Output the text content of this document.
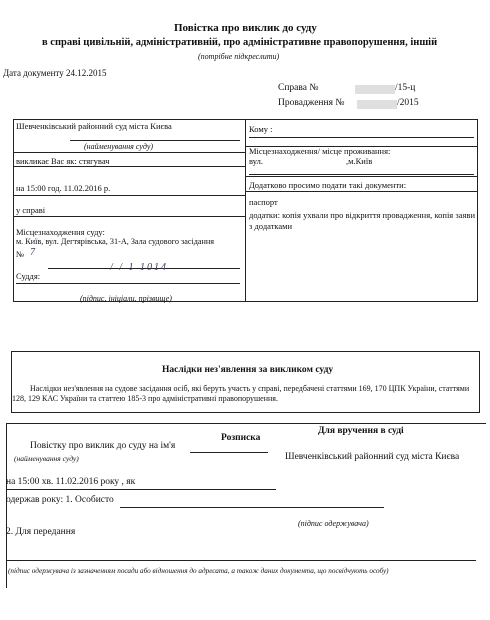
Повістка про виклик до суду
в справі цивільній, адміністративній, про адміністративне правопорушення, іншій
(потрібне підкреслити)
Дата документу 24.12.2015
Справа №	/15-ц
Провадження №	/2015
Шевченківський районний суд міста Києва
(найменування суду)
викликає Вас як: стягувач
на 15:00 год. 11.02.2016 р.
у справі
Місцезнаходження суду:
м. Київ, вул. Дегтярівська, 31-А, Зала судового засідання
№ 7
Суддя:
/ / 1 1014
(підпис, ініціали, прізвище)
Кому :
Місцезнаходження/ місце проживання:
вул.	,м.Київ
Додатково просимо подати такі документи:
паспорт
додатки: копія ухвали про відкриття провадження, копія заяви з додатками
Наслідки нез'явлення за викликом суду
Наслідки нез'явлення на судове засідання осіб, які беруть участь у справі, передбачені статтями 169, 170 ЦПК України, статтями 128, 129 КАС України та статтею 185-3 про адміністративні правопорушення.
Для вручення в суді
Розписка
Повістку про виклик до суду на ім'я
(найменування суду)	Шевченківський районний суд міста Києва
на 15:00 хв. 11.02.2016 року , як
одержав року: 1. Особисто
(підпис одержувача)
2. Для передання
(підпис одержувача із зазначенням посади або відношення до адресата, а також даних документа, що посвідчують особу)
